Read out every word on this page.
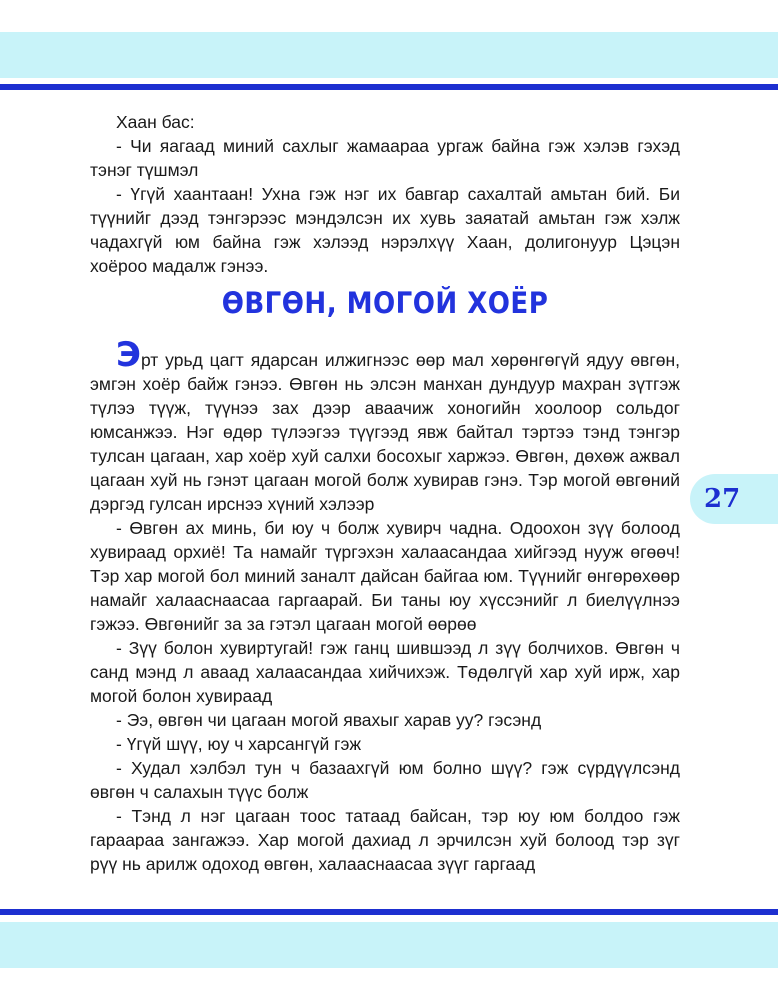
Хаан бас:

- Чи яагаад миний сахлыг жамаараа ургаж байна гэж хэлэв гэхэд тэнэг түшмэл

- Үгүй хаантаан! Ухна гэж нэг их бавгар сахалтай амьтан бий. Би түүнийг дээд тэнгэрээс мэндэлсэн их хувь заяатай амьтан гэж хэлж чадахгүй юм байна гэж хэлээд нэрэлхүү Хаан, долигонуур Цэцэн хоёроо мадалж гэнээ.

ӨВГӨН, МОГОЙ ХОЁР

Эрт урьд цагт ядарсан илжигнээс өөр мал хөрөнгөгүй ядуу өвгөн, эмгэн хоёр байж гэнээ. Өвгөн нь элсэн манхан дундуур махран зүтгэж түлээ түүж, түүнээ зах дээр аваачиж хоногийн хоолоор сольдог юмсанжээ. Нэг өдөр түлээгээ түүгээд явж байтал тэртээ тэнд тэнгэр тулсан цагаан, хар хоёр хуй салхи босохыг харжээ. Өвгөн, дөхөж ажвал цагаан хуй нь гэнэт цагаан могой болж хувирав гэнэ. Тэр могой өвгөний дэргэд гулсан ирснээ хүний хэлээр

- Өвгөн ах минь, би юу ч болж хувирч чадна. Одоохон зүү болоод хувираад орхиё! Та намайг түргэхэн халаасандаа хийгээд нууж өгөөч! Тэр хар могой бол миний заналт дайсан байгаа юм. Түүнийг өнгөрөхөөр намайг халааснаасаа гаргаарай. Би таны юу хүссэнийг л биелүүлнээ гэжээ. Өвгөнийг за за гэтэл цагаан могой өөрөө

- Зүү болон хувиртугай! гэж ганц шившээд л зүү болчихов. Өвгөн ч санд мэнд л аваад халаасандаа хийчихэж. Тѳдөлгүй хар хуй ирж, хар могой болон хувираад

- Ээ, өвгөн чи цагаан могой явахыг харав уу? гэсэнд

- Үгүй шүү, юу ч харсангүй гэж

- Худал хэлбэл тун ч базаахгүй юм болно шүү? гэж сүрдүүлсэнд өвгөн ч салахын түүс болж

- Тэнд л нэг цагаан тоос татаад байсан, тэр юу юм болдоо гэж гараараа зангажээ. Хар могой дахиад л эрчилсэн хуй болоод тэр зүг рүү нь арилж одоход өвгөн, халааснаасаа зүүг гаргаад

27
